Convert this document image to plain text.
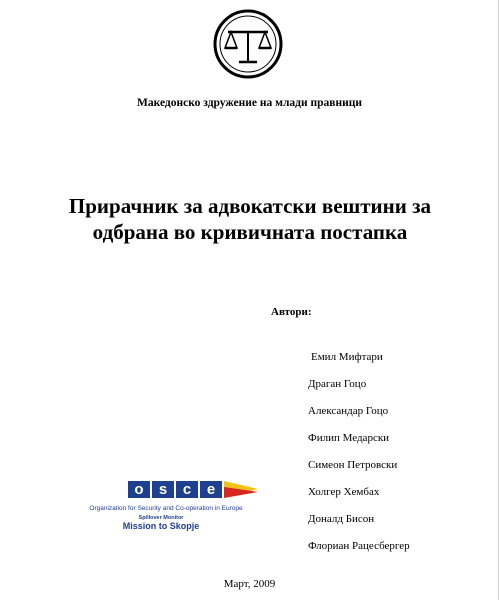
Македонско здружение на млади правници
Прирачник за адвокатски вештини за
одбрана во кривичната постапка
Автори:
Емил Мифтари
Драган Гоцо
Александар Гоцо
Филип Медарски
Симеон Петровски
Холгер Хембах
Доналд Бисон
Флориан Рацесбергер
o	s	c	e
Organization for Security and Co-operation in Europe
Spillover Monitor
Mission to Skopje
Март, 2009
